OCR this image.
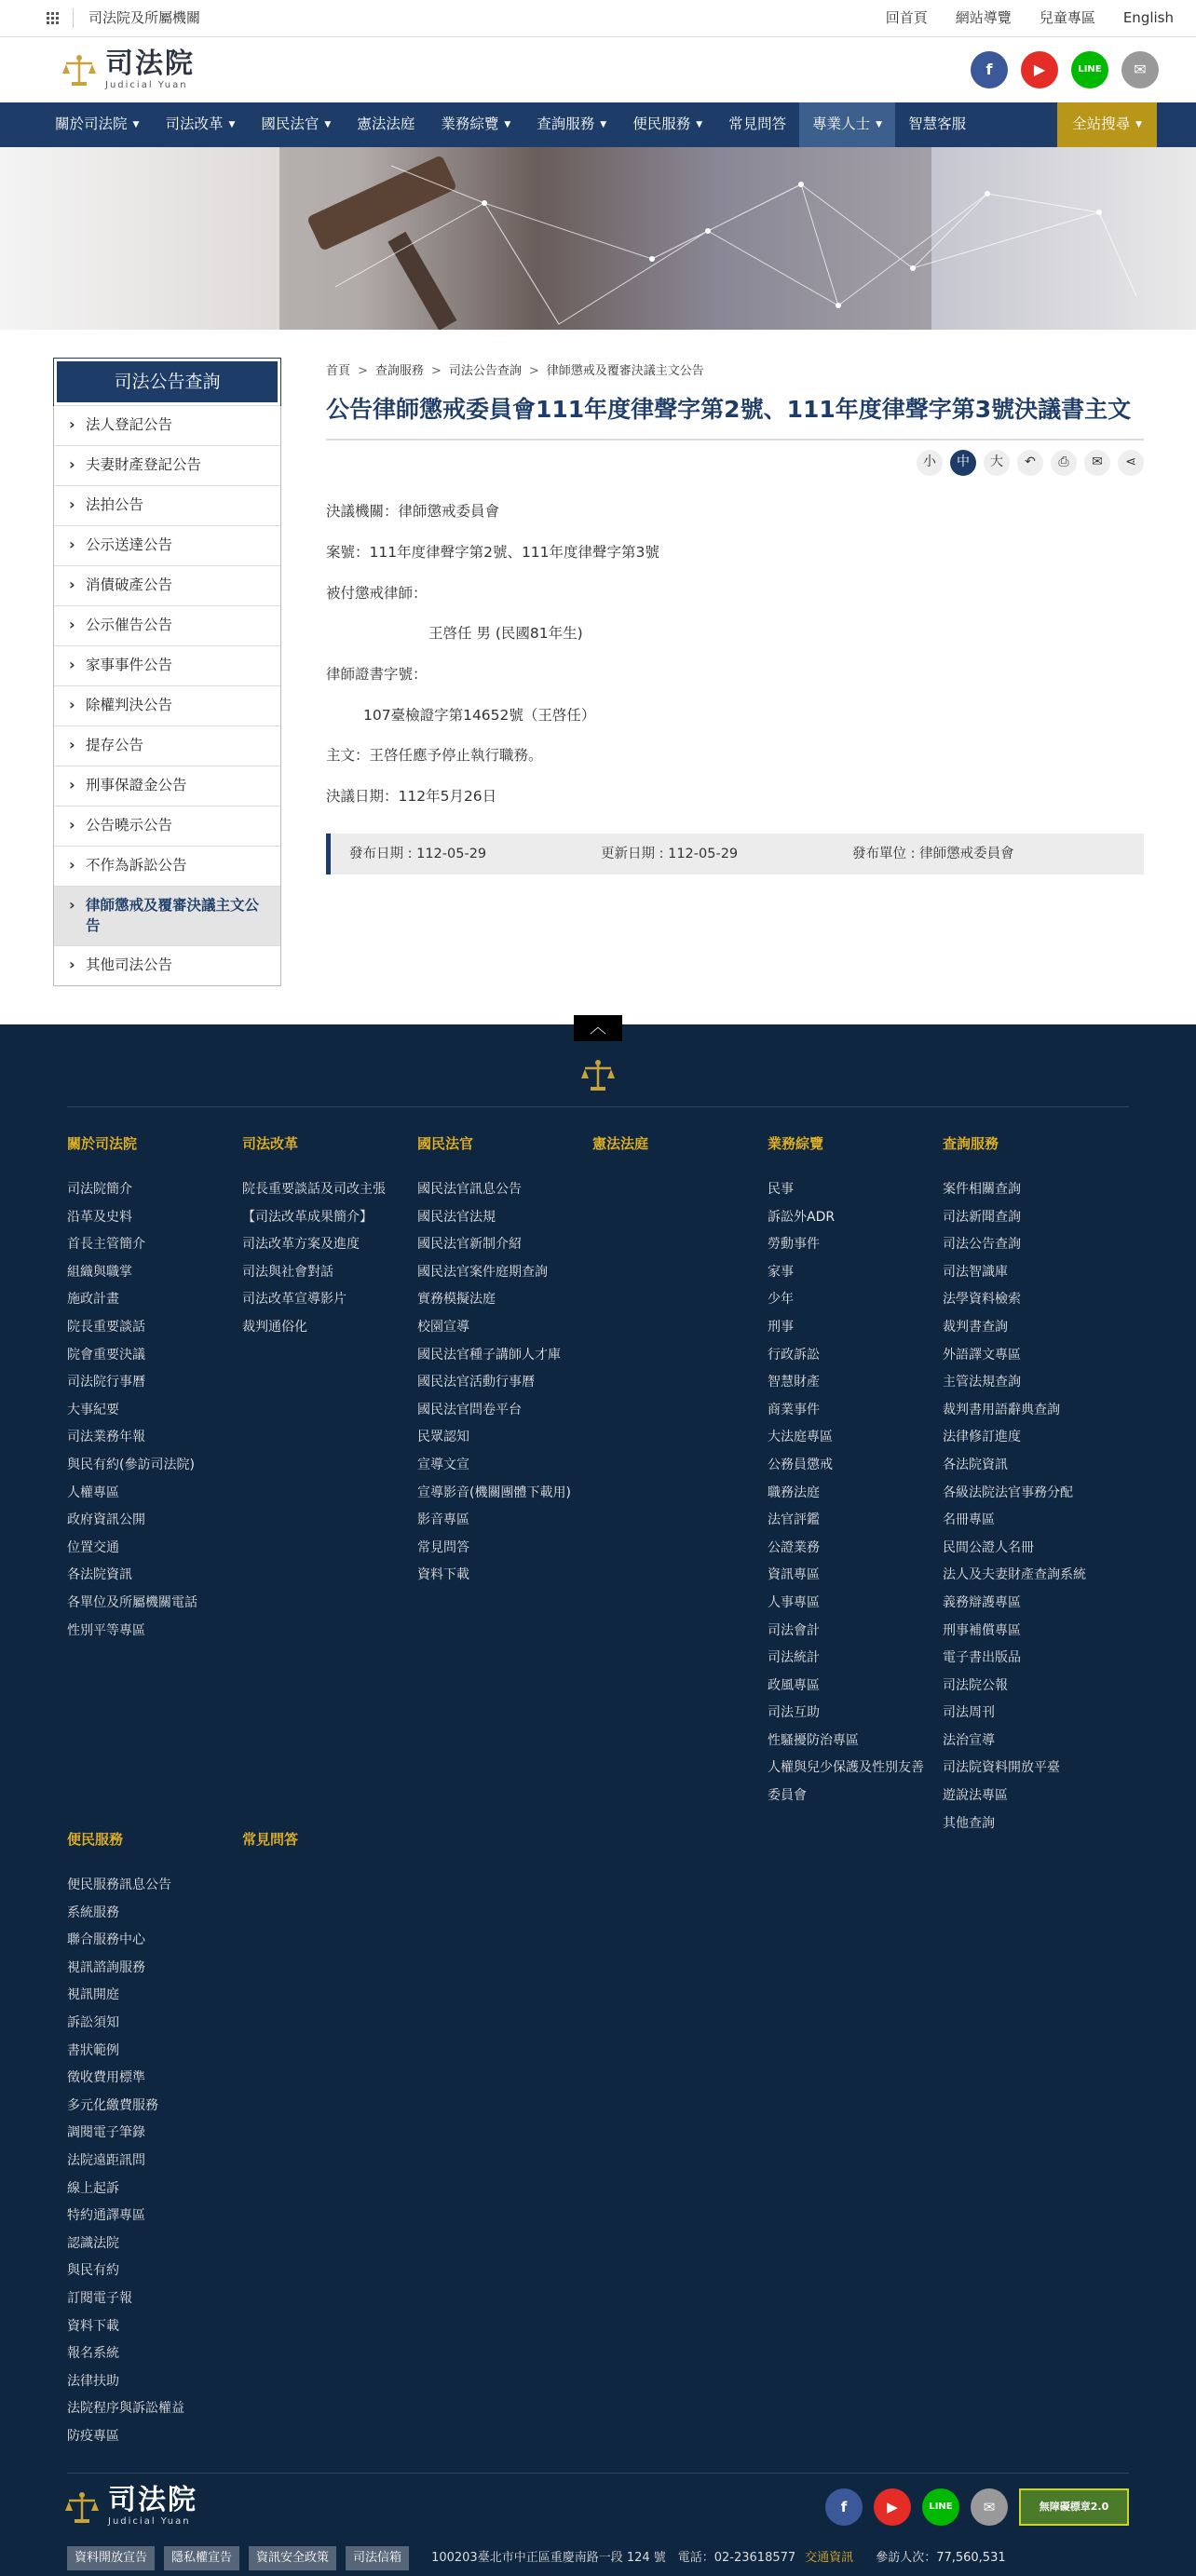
司法院及所屬機關	回首頁 網站導覽 兒童專區 English
司法院
Judicial Yuan
f	▶	LINE	✉
關於司法院 ▼ 司法改革 ▼ 國民法官 ▼ 憲法法庭 業務綜覽 ▼ 查詢服務 ▼ 便民服務 ▼ 常見問答 專業人士 ▼ 智慧客服	全站搜尋 ▼
司法公告查詢
› 法人登記公告
› 夫妻財產登記公告
› 法拍公告
› 公示送達公告
› 消債破產公告
› 公示催告公告
› 家事事件公告
› 除權判決公告
› 提存公告
› 刑事保證金公告
› 公告曉示公告
› 不作為訴訟公告
› 律師懲戒及覆審決議主文公告
› 其他司法公告
首頁 > 查詢服務 > 司法公告查詢 > 律師懲戒及覆審決議主文公告
公告律師懲戒委員會111年度律聲字第2號、111年度律聲字第3號決議書主文
小	中	大	↶	⎙	✉	⋖

決議機關：律師懲戒委員會

案號：111年度律聲字第2號、111年度律聲字第3號

被付懲戒律師：

王啓任 男 (民國81年生)

律師證書字號：

107臺檢證字第14652號（王啓任）

主文：王啓任應予停止執行職務。

決議日期：112年5月26日

發布日期 : 112-05-29	更新日期 : 112-05-29	發布單位 : 律師懲戒委員會
︿
關於司法院
司法院簡介
沿革及史料
首長主管簡介
組織與職掌
施政計畫
院長重要談話
院會重要決議
司法院行事曆
大事紀要
司法業務年報
與民有約(參訪司法院)
人權專區
政府資訊公開
位置交通
各法院資訊
各單位及所屬機關電話
性別平等專區
司法改革
院長重要談話及司改主張
【司法改革成果簡介】
司法改革方案及進度
司法與社會對話
司法改革宣導影片
裁判通俗化
國民法官
國民法官訊息公告
國民法官法規
國民法官新制介紹
國民法官案件庭期查詢
實務模擬法庭
校園宣導
國民法官種子講師人才庫
國民法官活動行事曆
國民法官問卷平台
民眾認知
宣導文宣
宣導影音(機關團體下載用)
影音專區
常見問答
資料下載
憲法法庭	業務綜覽
民事
訴訟外ADR
勞動事件
家事
少年
刑事
行政訴訟
智慧財產
商業事件
大法庭專區
公務員懲戒
職務法庭
法官評鑑
公證業務
資訊專區
人事專區
司法會計
司法統計
政風專區
司法互助
性騷擾防治專區
人權與兒少保護及性別友善委員會
查詢服務
案件相關查詢
司法新聞查詢
司法公告查詢
司法智識庫
法學資料檢索
裁判書查詢
外語譯文專區
主管法規查詢
裁判書用語辭典查詢
法律修訂進度
各法院資訊
各級法院法官事務分配
名冊專區
民間公證人名冊
法人及夫妻財產查詢系統
義務辯護專區
刑事補償專區
電子書出版品
司法院公報
司法周刊
法治宣導
司法院資料開放平臺
遊說法專區
其他查詢
便民服務
便民服務訊息公告
系統服務
聯合服務中心
視訊諮詢服務
視訊開庭
訴訟須知
書狀範例
徵收費用標準
多元化繳費服務
調閱電子筆錄
法院遠距訊問
線上起訴
特約通譯專區
認識法院
與民有約
訂閱電子報
資料下載
報名系統
法律扶助
法院程序與訴訟權益
防疫專區
常見問答
司法院
Judicial Yuan
f	▶	LINE	✉	無障礙標章2.0
資料開放宣告	隱私權宣告	資訊安全政策	司法信箱	100203臺北市中正區重慶南路一段 124 號　電話：02-23618577 交通資訊 參訪人次：77,560,531
